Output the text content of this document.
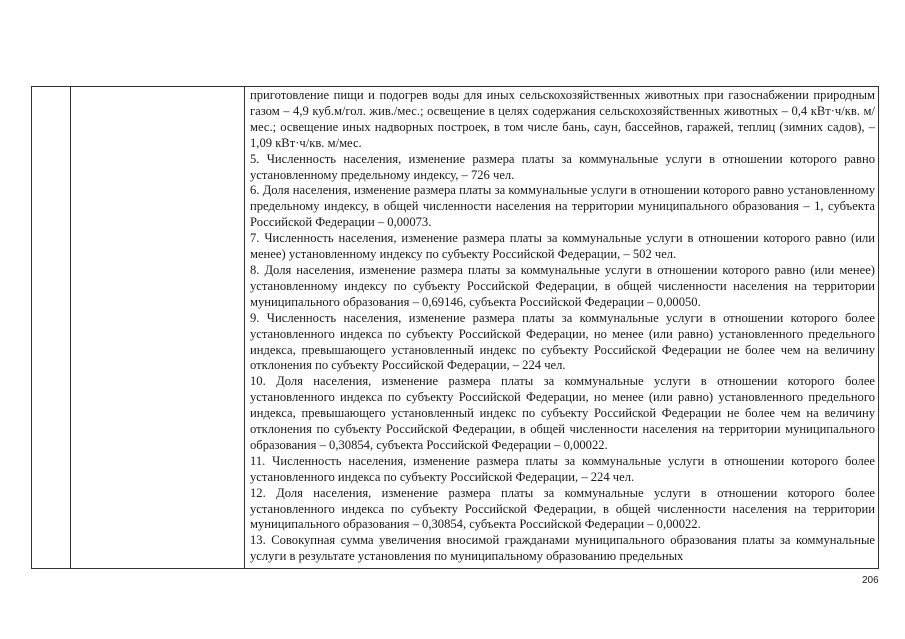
приготовление пищи и подогрев воды для иных сельскохозяйственных животных при газоснабжении природным газом – 4,9 куб.м/гол. жив./мес.; освещение в целях содержания сельскохозяйственных животных – 0,4 кВт·ч/кв. м/мес.; освещение иных надворных построек, в том числе бань, саун, бассейнов, гаражей, теплиц (зимних садов), – 1,09 кВт·ч/кв. м/мес.

5. Численность населения, изменение размера платы за коммунальные услуги в отношении которого равно установленному предельному индексу, – 726 чел.

6. Доля населения, изменение размера платы за коммунальные услуги в отношении которого равно установленному предельному индексу, в общей численности населения на территории муниципального образования – 1, субъекта Российской Федерации – 0,00073.

7. Численность населения, изменение размера платы за коммунальные услуги в отношении которого равно (или менее) установленному индексу по субъекту Российской Федерации, – 502 чел.

8. Доля населения, изменение размера платы за коммунальные услуги в отношении которого равно (или менее) установленному индексу по субъекту Российской Федерации, в общей численности населения на территории муниципального образования – 0,69146, субъекта Российской Федерации – 0,00050.

9. Численность населения, изменение размера платы за коммунальные услуги в отношении которого более установленного индекса по субъекту Российской Федерации, но менее (или равно) установленного предельного индекса, превышающего установленный индекс по субъекту Российской Федерации не более чем на величину отклонения по субъекту Российской Федерации, – 224 чел.

10. Доля населения, изменение размера платы за коммунальные услуги в отношении которого более установленного индекса по субъекту Российской Федерации, но менее (или равно) установленного предельного индекса, превышающего установленный индекс по субъекту Российской Федерации не более чем на величину отклонения по субъекту Российской Федерации, в общей численности населения на территории муниципального образования – 0,30854, субъекта Российской Федерации – 0,00022.

11. Численность населения, изменение размера платы за коммунальные услуги в отношении которого более установленного индекса по субъекту Российской Федерации, – 224 чел.

12. Доля населения, изменение размера платы за коммунальные услуги в отношении которого более установленного индекса по субъекту Российской Федерации, в общей численности населения на территории муниципального образования – 0,30854, субъекта Российской Федерации – 0,00022.

13. Совокупная сумма увеличения вносимой гражданами муниципального образования платы за коммунальные услуги в результате установления по муниципальному образованию предельных

206
